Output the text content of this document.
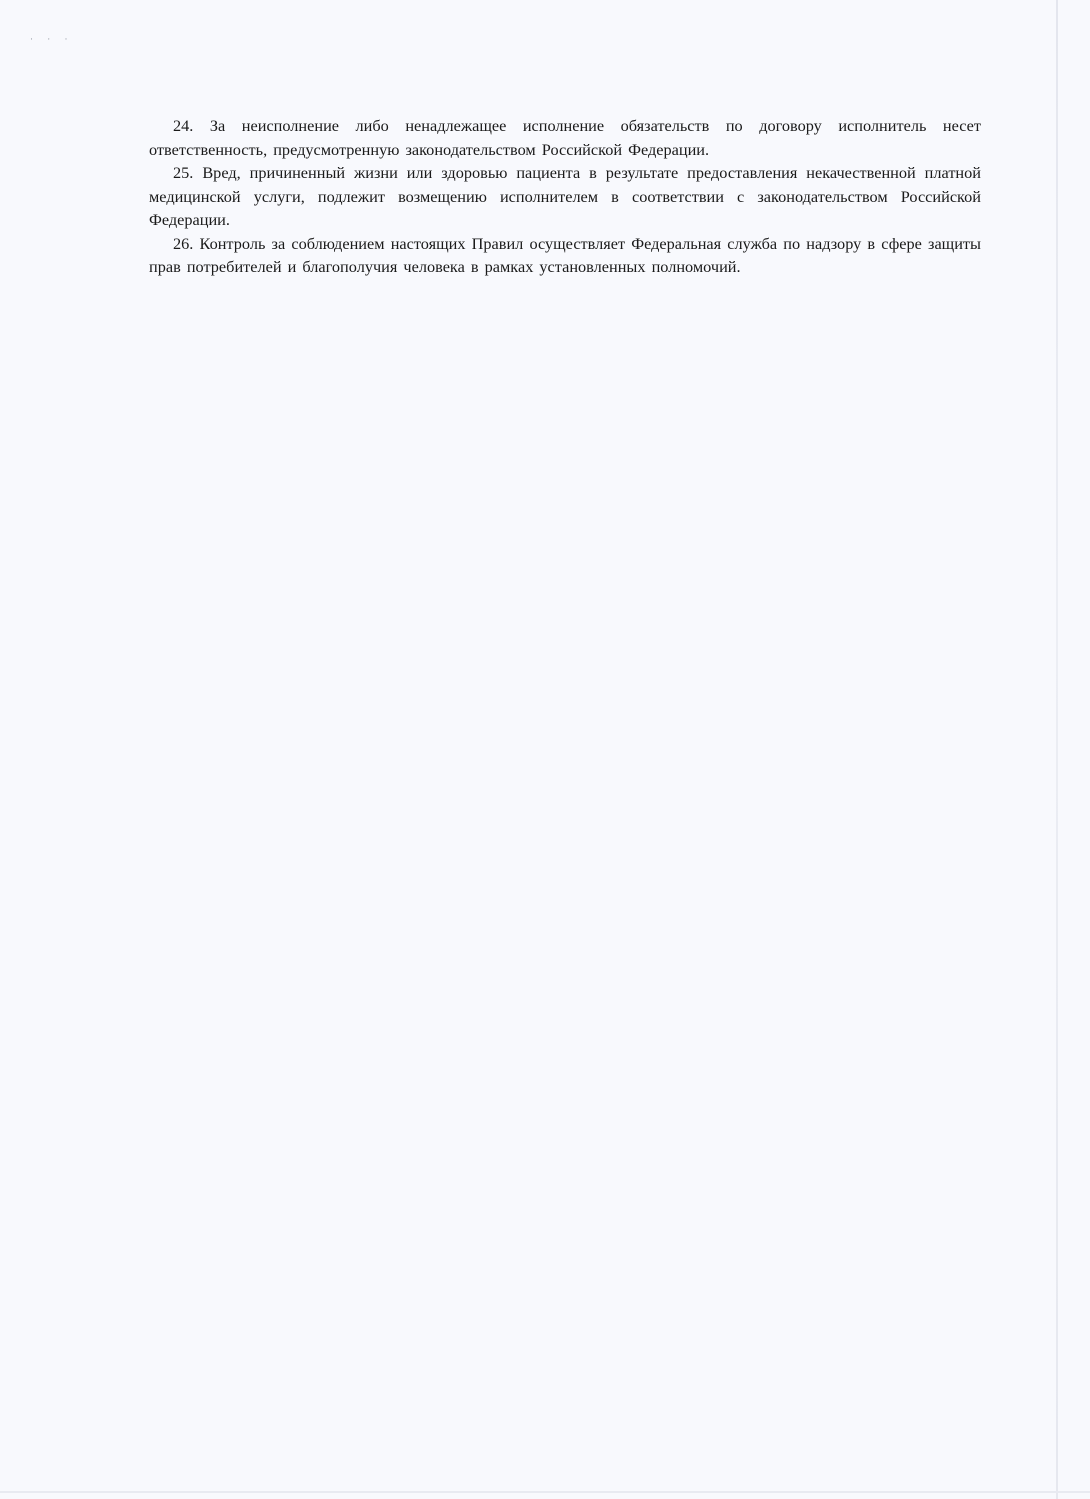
· · ·

24. За неисполнение либо ненадлежащее исполнение обязательств по договору исполнитель несет ответственность, предусмотренную законодательством Российской Федерации.

25. Вред, причиненный жизни или здоровью пациента в результате предоставления некачественной платной медицинской услуги, подлежит возмещению исполнителем в соответствии с законодательством Российской Федерации.

26. Контроль за соблюдением настоящих Правил осуществляет Федеральная служба по надзору в сфере защиты прав потребителей и благополучия человека в рамках установленных полномочий.
